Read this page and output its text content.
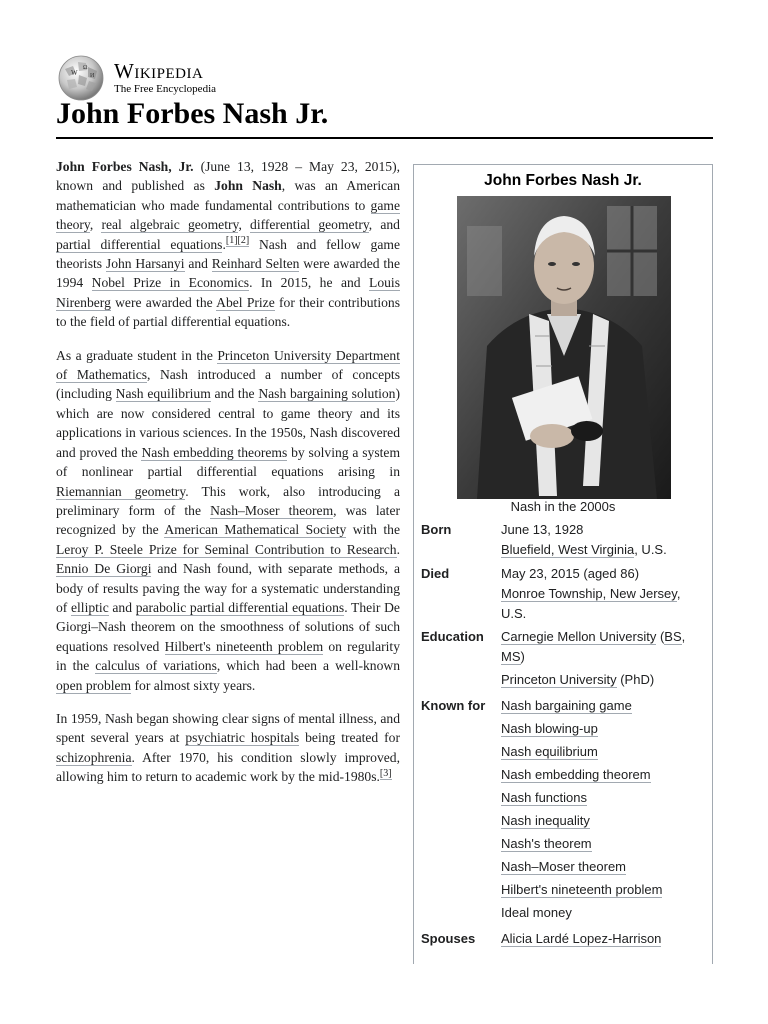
W
Ω
И Wikipedia
The Free Encyclopedia
John Forbes Nash Jr.

John Forbes Nash, Jr. (June 13, 1928 – May 23, 2015), known and published as John Nash, was an American mathematician who made fundamental contributions to game theory, real algebraic geometry, differential geometry, and partial differential equations.[1][2] Nash and fellow game theorists John Harsanyi and Reinhard Selten were awarded the 1994 Nobel Prize in Economics. In 2015, he and Louis Nirenberg were awarded the Abel Prize for their contributions to the field of partial differential equations.

As a graduate student in the Princeton University Department of Mathematics, Nash introduced a number of concepts (including Nash equilibrium and the Nash bargaining solution) which are now considered central to game theory and its applications in various sciences. In the 1950s, Nash discovered and proved the Nash embedding theorems by solving a system of nonlinear partial differential equations arising in Riemannian geometry. This work, also introducing a preliminary form of the Nash–Moser theorem, was later recognized by the American Mathematical Society with the Leroy P. Steele Prize for Seminal Contribution to Research. Ennio De Giorgi and Nash found, with separate methods, a body of results paving the way for a systematic understanding of elliptic and parabolic partial differential equations. Their De Giorgi–Nash theorem on the smoothness of solutions of such equations resolved Hilbert's nineteenth problem on regularity in the calculus of variations, which had been a well-known open problem for almost sixty years.

In 1959, Nash began showing clear signs of mental illness, and spent several years at psychiatric hospitals being treated for schizophrenia. After 1970, his condition slowly improved, allowing him to return to academic work by the mid-1980s.[3]

John Forbes Nash Jr.
Nash in the 2000s
Born	June 13, 1928
Bluefield, West Virginia, U.S.
Died	May 23, 2015 (aged 86)
Monroe Township, New Jersey, U.S.
Education	Carnegie Mellon University (BS, MS)
Princeton University (PhD)
Known for	Nash bargaining game
Nash blowing-up
Nash equilibrium
Nash embedding theorem
Nash functions
Nash inequality
Nash's theorem
Nash–Moser theorem
Hilbert's nineteenth problem
Ideal money
Spouses	Alicia Lardé Lopez-Harrison
